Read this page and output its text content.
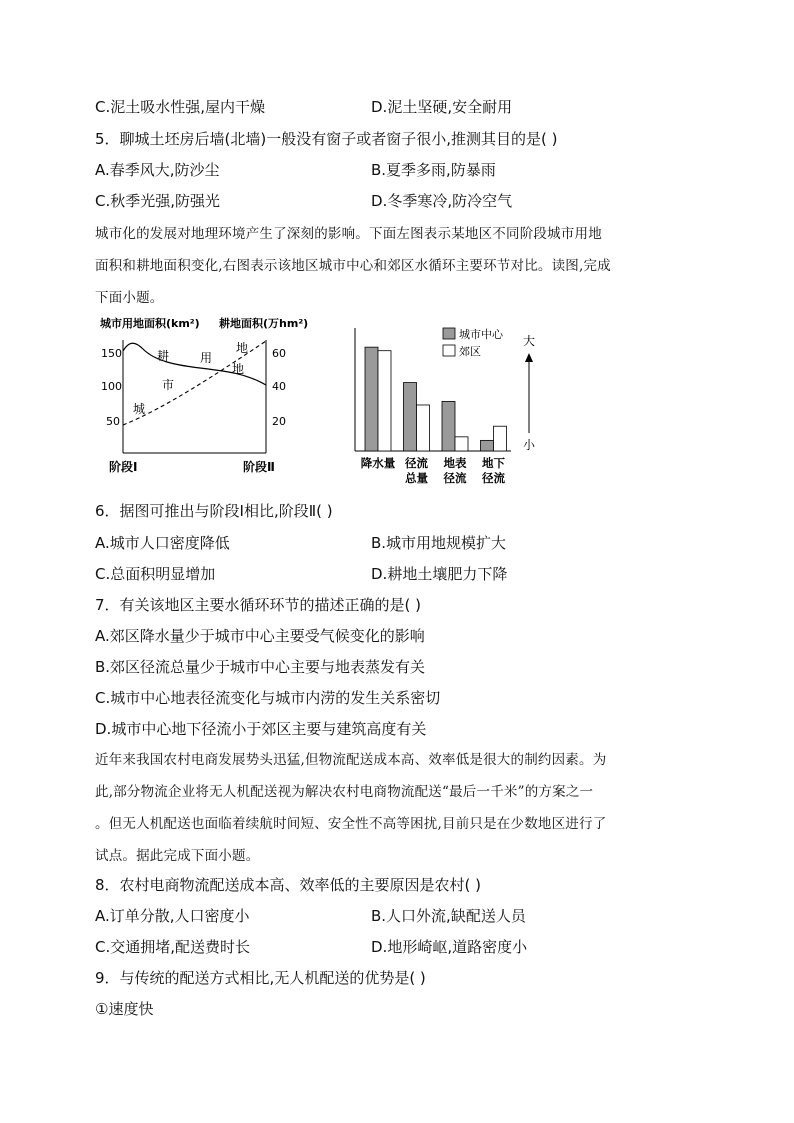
C.泥土吸水性强,屋内干燥	D.泥土坚硬,安全耐用
5．聊城土坯房后墙(北墙)一般没有窗子或者窗子很小,推测其目的是( )
A.春季风大,防沙尘	B.夏季多雨,防暴雨
C.秋季光强,防强光	D.冬季寒冷,防冷空气
城市化的发展对地理环境产生了深刻的影响。下面左图表示某地区不同阶段城市用地
面积和耕地面积变化,右图表示该地区城市中心和郊区水循环主要环节对比。读图,完成
下面小题。
城市用地面积(km²) 耕地面积(万hm²)
150
100
50
60
40
20
耕	用
地
地
市
城
阶段Ⅰ	阶段Ⅱ	降水量 径流
总量
地表
径流
地下
径流
城市中心
郊区
大
小
6．据图可推出与阶段Ⅰ相比,阶段Ⅱ( )
A.城市人口密度降低	B.城市用地规模扩大
C.总面积明显增加	D.耕地土壤肥力下降
7．有关该地区主要水循环环节的描述正确的是( )
A.郊区降水量少于城市中心主要受气候变化的影响
B.郊区径流总量少于城市中心主要与地表蒸发有关
C.城市中心地表径流变化与城市内涝的发生关系密切
D.城市中心地下径流小于郊区主要与建筑高度有关
近年来我国农村电商发展势头迅猛,但物流配送成本高、效率低是很大的制约因素。为
此,部分物流企业将无人机配送视为解决农村电商物流配送“最后一千米”的方案之一
。但无人机配送也面临着续航时间短、安全性不高等困扰,目前只是在少数地区进行了
试点。据此完成下面小题。
8．农村电商物流配送成本高、效率低的主要原因是农村( )
A.订单分散,人口密度小	B.人口外流,缺配送人员
C.交通拥堵,配送费时长	D.地形崎岖,道路密度小
9．与传统的配送方式相比,无人机配送的优势是( )
①速度快
